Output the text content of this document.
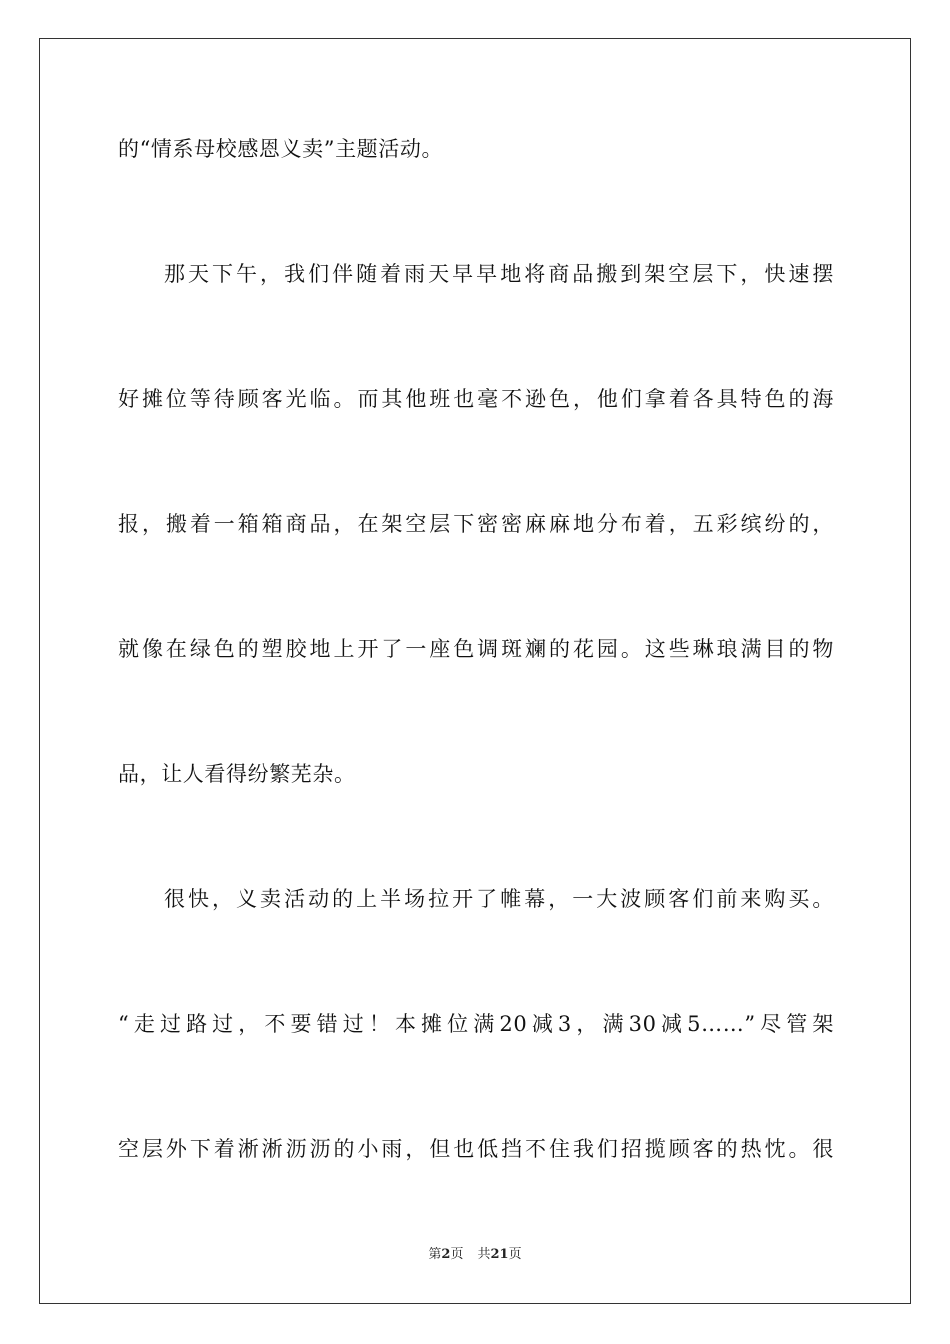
的“情系母校感恩义卖”主题活动。
那天下午，我们伴随着雨天早早地将商品搬到架空层下，快速摆
好摊位等待顾客光临。而其他班也毫不逊色，他们拿着各具特色的海
报，搬着一箱箱商品，在架空层下密密麻麻地分布着，五彩缤纷的，
就像在绿色的塑胶地上开了一座色调斑斓的花园。这些琳琅满目的物
品，让人看得纷繁芜杂。
很快，义卖活动的上半场拉开了帷幕，一大波顾客们前来购买。
“走过路过，不要错过！本摊位满20减3，满30减5……”尽管架
空层外下着淅淅沥沥的小雨，但也低挡不住我们招揽顾客的热忱。很
第2页 共21页
